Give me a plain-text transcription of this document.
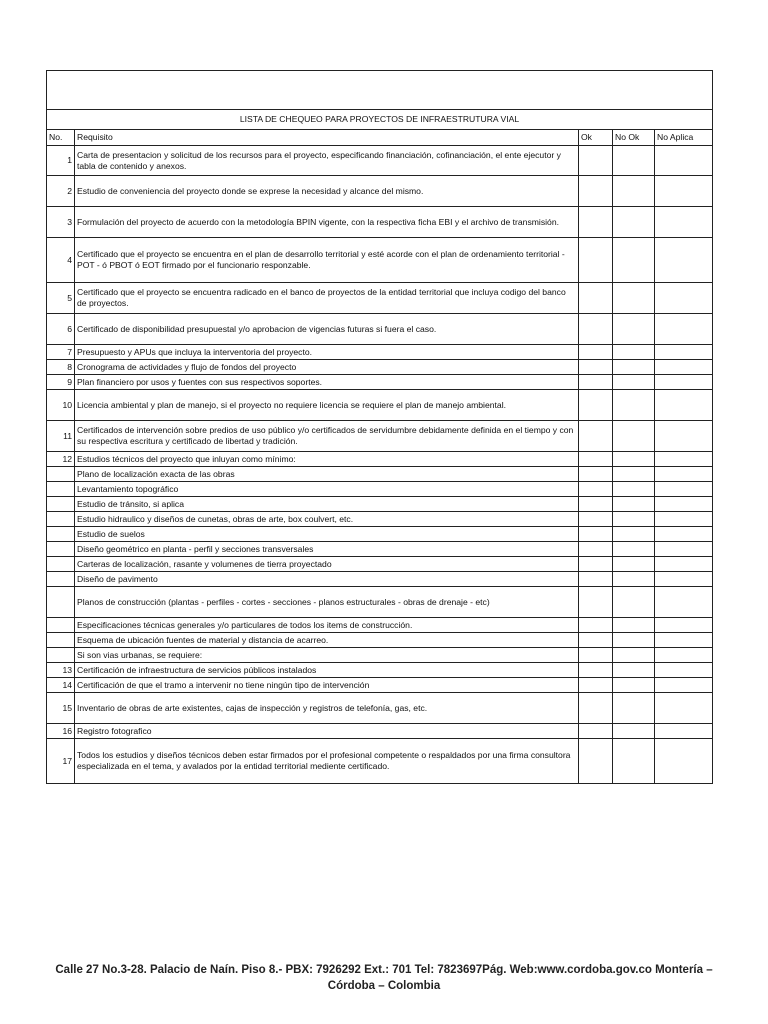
LISTA DE CHEQUEO PARA PROYECTOS DE INFRAESTRUTURA VIAL				
No.	Requisito	Ok	No Ok	No Aplica
1	Carta de presentacion y solicitud de los recursos para el proyecto, especificando financiación, cofinanciación, el ente ejecutor y tabla de contenido y anexos.			
2	Estudio de conveniencia del proyecto donde se exprese la necesidad y alcance del mismo.			
3	Formulación del proyecto de acuerdo con la metodología BPIN vigente, con la respectiva ficha EBI y el archivo de transmisión.			
4	Certificado que el proyecto se encuentra en el plan de desarrollo territorial y esté acorde con el plan de ordenamiento territorial - POT - ó PBOT ó EOT firmado por el funcionario responzable.			
5	Certificado que el proyecto se encuentra radicado en el banco de proyectos de la entidad territorial que incluya codigo del banco de proyectos.			
6	Certificado de disponibilidad presupuestal y/o aprobacion de vigencias futuras si fuera el caso.			
7	Presupuesto y APUs que incluya la interventoria del proyecto.			
8	Cronograma de actividades y flujo de fondos del proyecto			
9	Plan financiero por usos y fuentes con sus respectivos soportes.			
10	Licencia ambiental y plan de manejo, si el proyecto no requiere licencia se requiere el plan de manejo ambiental.			
11	Certificados de intervención sobre predios de uso público y/o certificados de servidumbre debidamente definida en el tiempo y con su respectiva escritura y certificado de libertad y tradición.			
12	Estudios técnicos del proyecto que inluyan como mínimo:			
	Plano de localización exacta de las obras			
	Levantamiento topográfico			
	Estudio de tránsito, si aplica			
	Estudio hidraulico y diseños de cunetas, obras de arte, box coulvert, etc.			
	Estudio de suelos			
	Diseño geométrico en planta - perfil y secciones transversales			
	Carteras de localización, rasante y volumenes de tierra proyectado			
	Diseño de pavimento			
	Planos de construcción (plantas - perfiles - cortes - secciones - planos estructurales - obras de drenaje - etc)			
	Especificaciones técnicas generales y/o particulares de todos los items de construcción.			
	Esquema de ubicación fuentes de material y distancia de acarreo.			
	Si son vias urbanas, se requiere:			
13	Certificación de infraestructura de servicios públicos instalados			
14	Certificación de que el tramo a intervenir no tiene ningún tipo de intervención			
15	Inventario de obras de arte existentes, cajas de inspección y registros de telefonía, gas, etc.			
16	Registro fotografico			
17	Todos los estudios y diseños técnicos deben estar firmados por el profesional competente o respaldados por una firma consultora especializada en el tema, y avalados por la entidad territorial mediente certificado.			
Calle 27 No.3-28. Palacio de Naín. Piso 8.- PBX: 7926292 Ext.: 701 Tel: 7823697Pág. Web:www.cordoba.gov.co Montería –
Córdoba – Colombia
